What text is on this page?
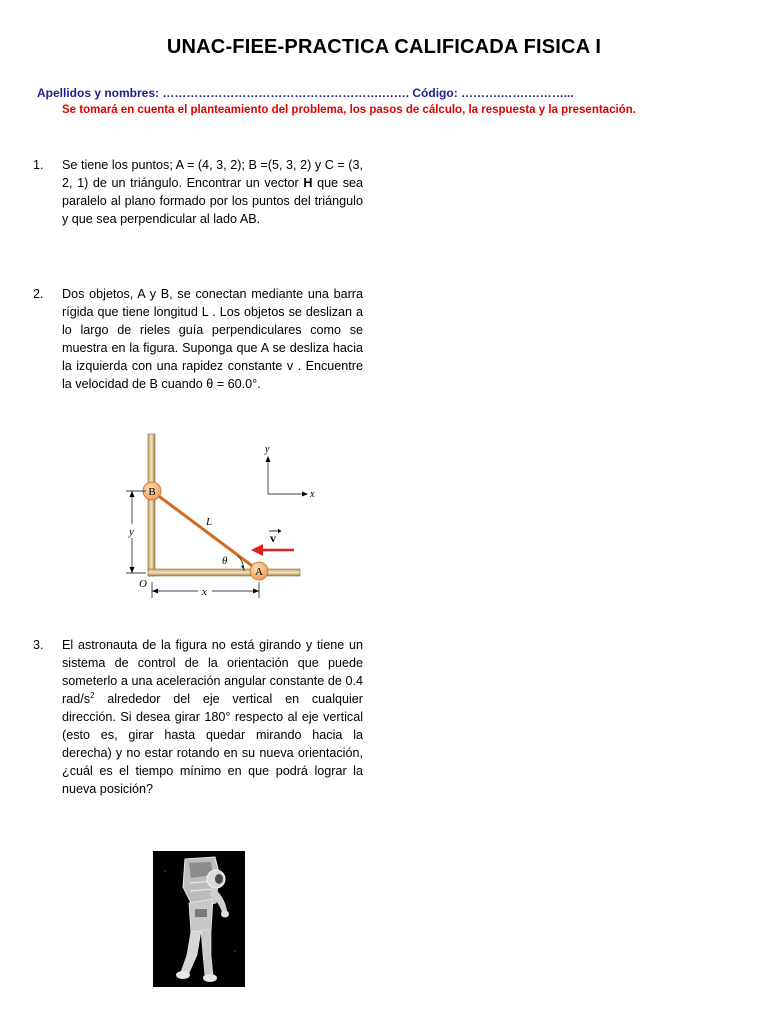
UNAC-FIEE-PRACTICA CALIFICADA FISICA I
Apellidos y nombres: ……………………………………………….……. Código: ……….…….………...
Se tomará en cuenta el planteamiento del problema, los pasos de cálculo, la respuesta y la presentación.
1.	Se tiene los puntos; A = (4, 3, 2); B =(5, 3, 2) y C = (3, 2, 1) de un triángulo. Encontrar un vector H que sea paralelo al plano formado por los puntos del triángulo y que sea perpendicular al lado AB.
2.	Dos objetos, A y B, se conectan mediante una barra rígida que tiene longitud L . Los objetos se deslizan a lo largo de rieles guía perpendiculares como se muestra en la figura. Suponga que A se desliza hacia la izquierda con una rapidez constante v . Encuentre la velocidad de B cuando θ = 60.0°.
B
A
L
θ
v
y
O
x
y
x
3.	El astronauta de la figura no está girando y tiene un sistema de control de la orientación que puede someterlo a una aceleración angular constante de 0.4 rad/$s^2$ alrededor del eje vertical en cualquier dirección. Si desea girar 180° respecto al eje vertical (esto es, girar hasta quedar mirando hacia la derecha) y no estar rotando en su nueva orientación, ¿cuál es el tiempo mínimo en que podrá lograr la nueva posición?
